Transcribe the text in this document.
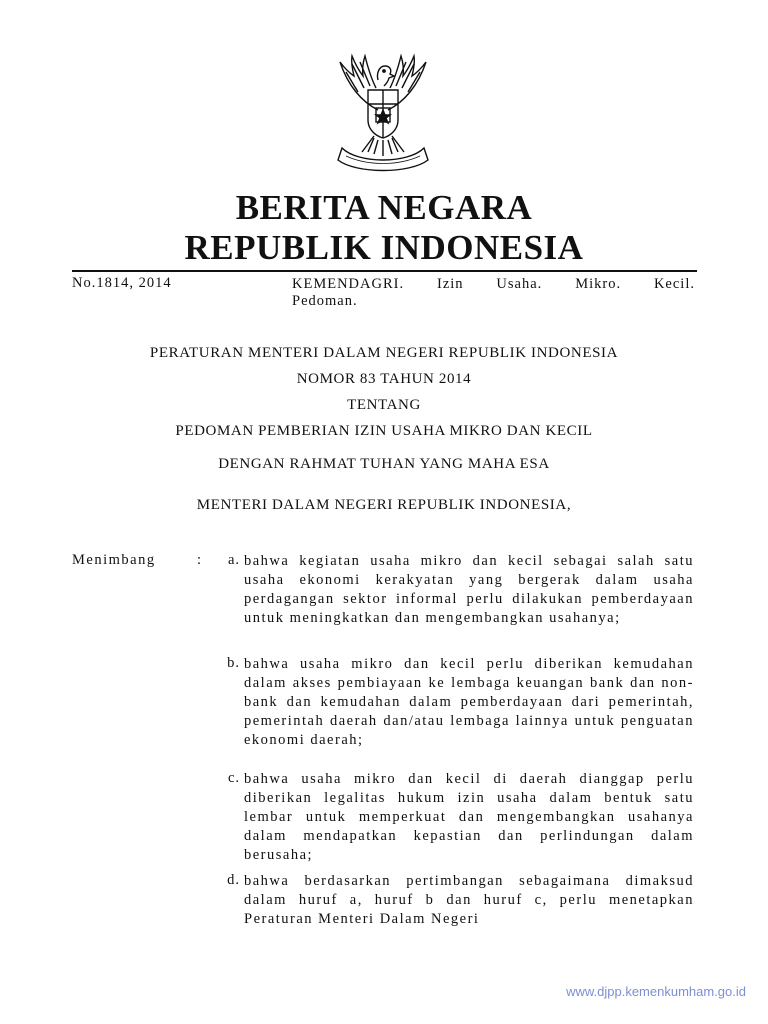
BERITA NEGARA
REPUBLIK INDONESIA
No.1814, 2014	KEMENDAGRI. Izin Usaha. Mikro. Kecil.
Pedoman.
PERATURAN MENTERI DALAM NEGERI REPUBLIK INDONESIA
NOMOR 83 TAHUN 2014
TENTANG
PEDOMAN PEMBERIAN IZIN USAHA MIKRO DAN KECIL
DENGAN RAHMAT TUHAN YANG MAHA ESA
MENTERI DALAM NEGERI REPUBLIK INDONESIA,
Menimbang	:	a. bahwa kegiatan usaha mikro dan kecil sebagai salah satu usaha ekonomi kerakyatan yang bergerak dalam usaha perdagangan sektor informal perlu dilakukan pemberdayaan untuk meningkatkan dan mengembangkan usahanya;
b. bahwa usaha mikro dan kecil perlu diberikan kemudahan dalam akses pembiayaan ke lembaga keuangan bank dan non-bank dan kemudahan dalam pemberdayaan dari pemerintah, pemerintah daerah dan/atau lembaga lainnya untuk penguatan ekonomi daerah;
c. bahwa usaha mikro dan kecil di daerah dianggap perlu diberikan legalitas hukum izin usaha dalam bentuk satu lembar untuk memperkuat dan mengembangkan usahanya dalam mendapatkan kepastian dan perlindungan dalam berusaha;
d. bahwa berdasarkan pertimbangan sebagaimana dimaksud dalam huruf a, huruf b dan huruf c, perlu menetapkan Peraturan Menteri Dalam Negeri
www.djpp.kemenkumham.go.id
